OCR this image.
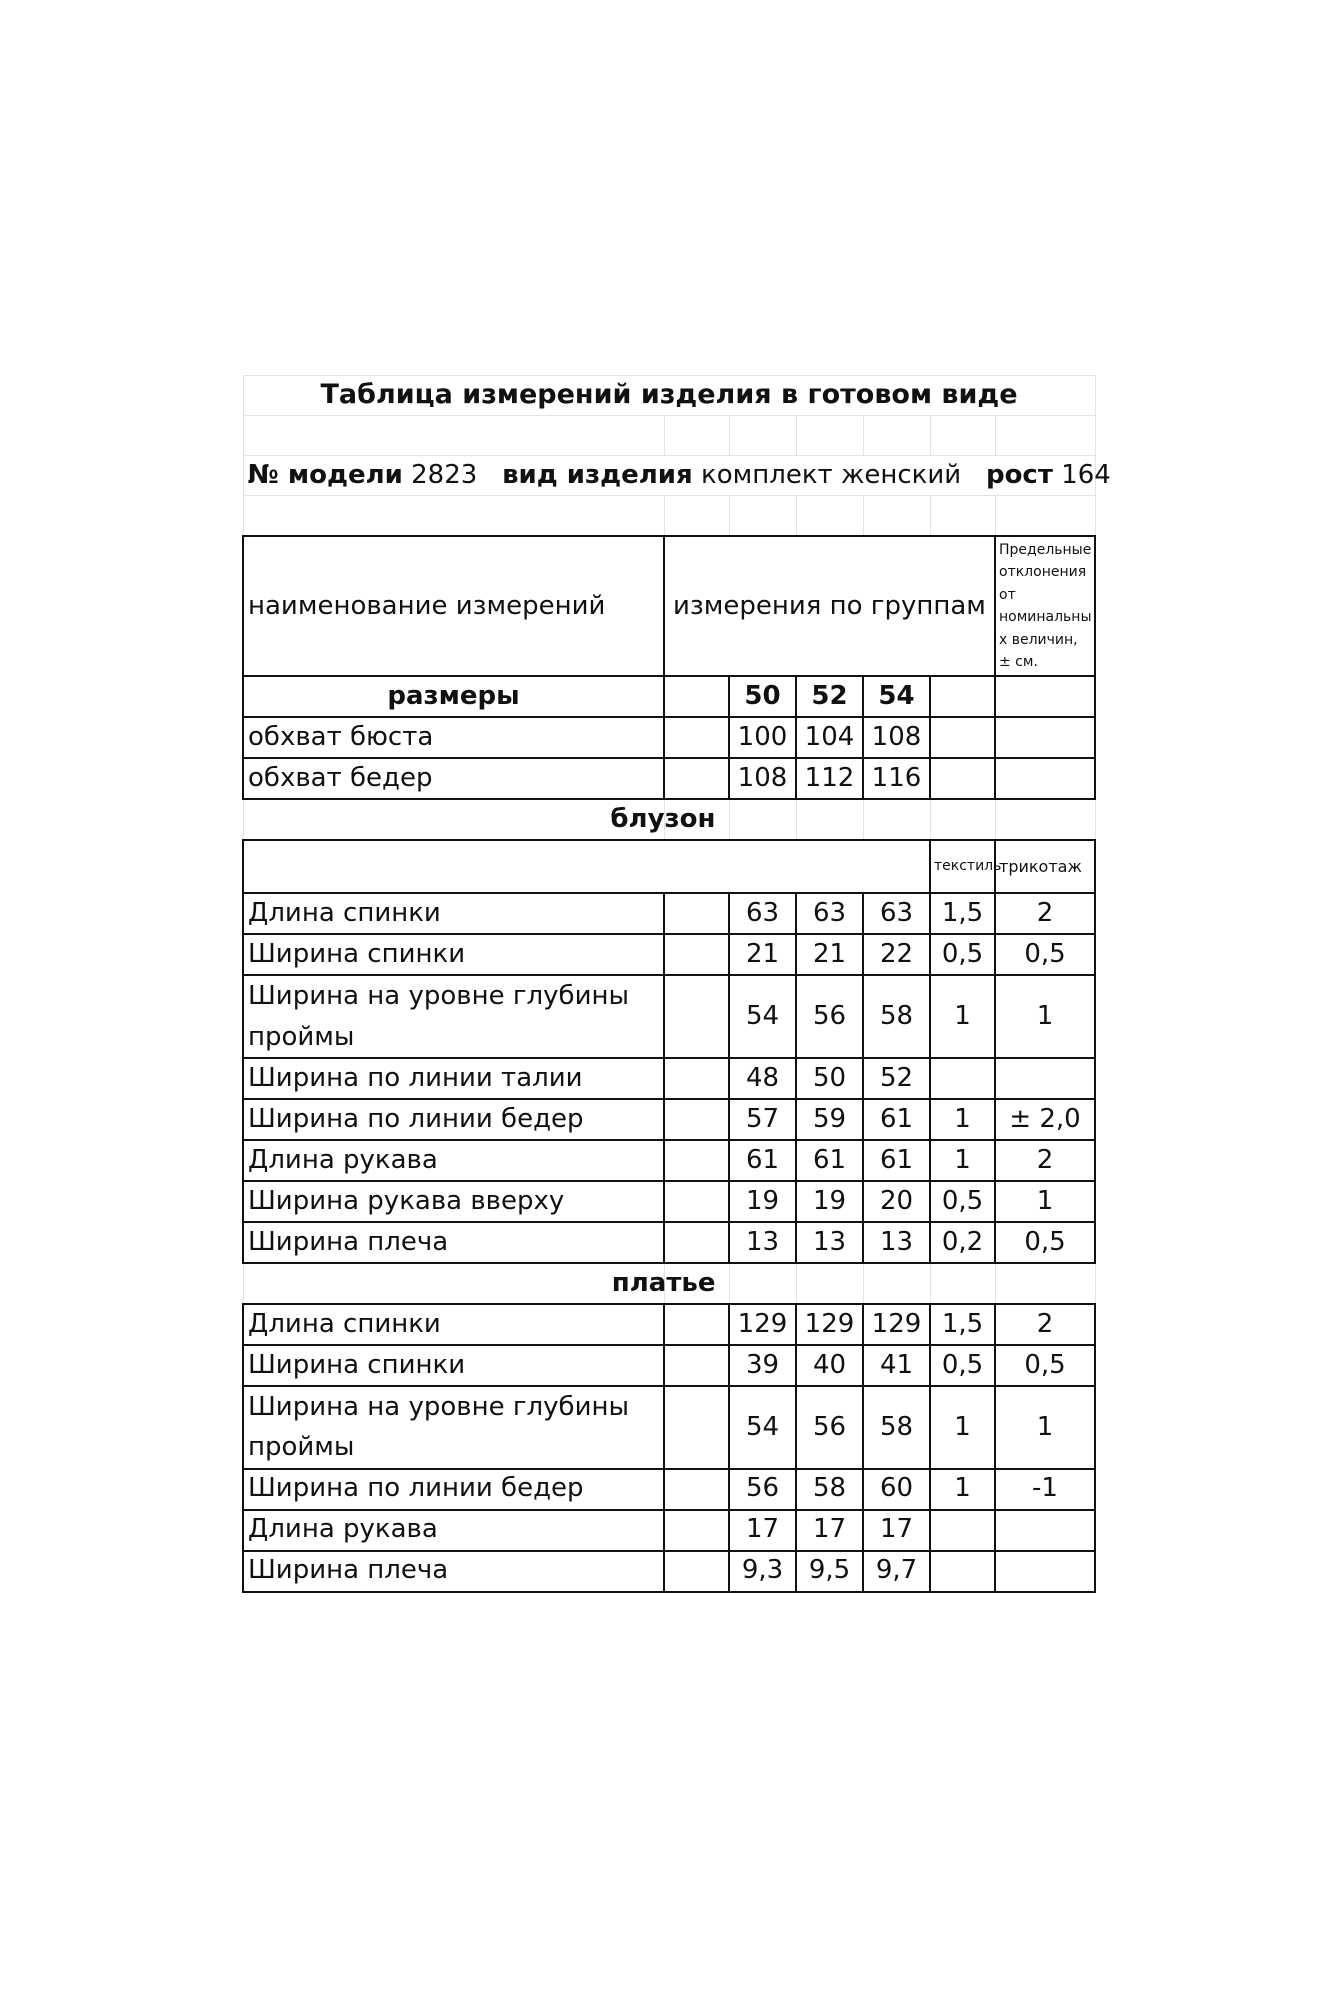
Таблица измерений изделия в готовом виде						

№ модели 2823 вид изделия комплект женский рост 164						

наименование измерений	измерения по группам					Предельные отклонения от номинальны х величин, ± см.
размеры		50	52	54		
обхват бюста		100	104	108		
обхват бедер		108	112	116		
блузон						
					текстиль	трикотаж
Длина спинки		63	63	63	1,5	2
Ширина спинки		21	21	22	0,5	0,5
Ширина на уровне глубины проймы		54	56	58	1	1
Ширина по линии талии		48	50	52		
Ширина по линии бедер		57	59	61	1	± 2,0
Длина рукава		61	61	61	1	2
Ширина рукава вверху		19	19	20	0,5	1
Ширина плеча		13	13	13	0,2	0,5
платье						
Длина спинки		129	129	129	1,5	2
Ширина спинки		39	40	41	0,5	0,5
Ширина на уровне глубины проймы		54	56	58	1	1
Ширина по линии бедер		56	58	60	1	-1
Длина рукава		17	17	17		
Ширина плеча		9,3	9,5	9,7		
